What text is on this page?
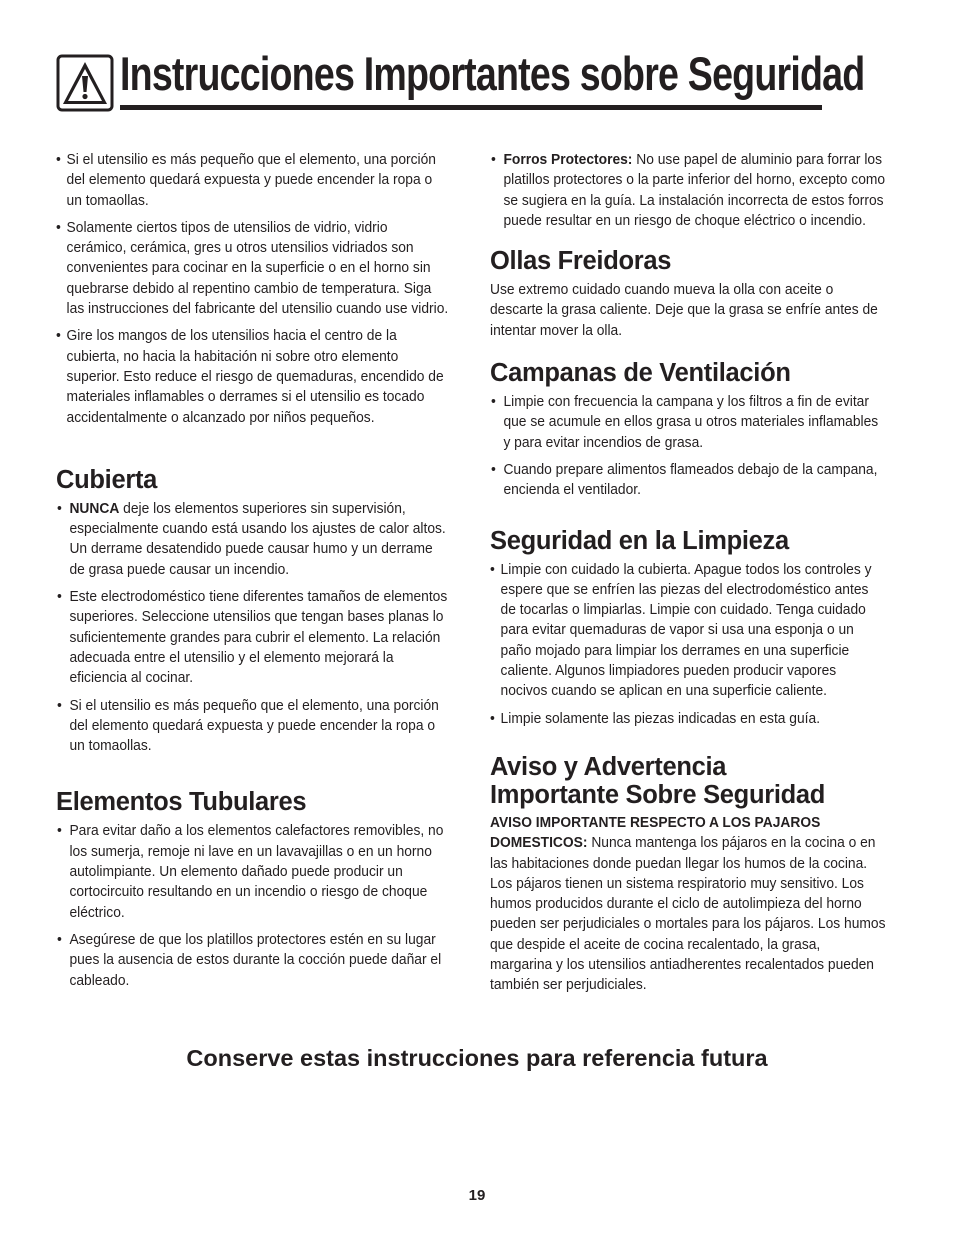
Instrucciones Importantes sobre Seguridad
• Si el utensilio es más pequeño que el elemento, una porción del elemento quedará expuesta y puede encender la ropa o un tomaollas.
• Solamente ciertos tipos de utensilios de vidrio, vidrio cerámico, cerámica, gres u otros utensilios vidriados son convenientes para cocinar en la superficie o en el horno sin quebrarse debido al repentino cambio de temperatura. Siga las instrucciones del fabricante del utensilio cuando use vidrio.
• Gire los mangos de los utensilios hacia el centro de la cubierta, no hacia la habitación ni sobre otro elemento superior. Esto reduce el riesgo de quemaduras, encendido de materiales inflamables o derrames si el utensilio es tocado accidentalmente o alcanzado por niños pequeños.
Cubierta
• NUNCA deje los elementos superiores sin supervisión, especialmente cuando está usando los ajustes de calor altos. Un derrame desatendido puede causar humo y un derrame de grasa puede causar un incendio.
• Este electrodoméstico tiene diferentes tamaños de elementos superiores. Seleccione utensilios que tengan bases planas lo suficientemente grandes para cubrir el elemento. La relación adecuada entre el utensilio y el elemento mejorará la eficiencia al cocinar.
• Si el utensilio es más pequeño que el elemento, una porción del elemento quedará expuesta y puede encender la ropa o un tomaollas.
Elementos Tubulares
• Para evitar daño a los elementos calefactores removibles, no los sumerja, remoje ni lave en un lavavajillas o en un horno autolimpiante. Un elemento dañado puede producir un cortocircuito resultando en un incendio o riesgo de choque eléctrico.
• Asegúrese de que los platillos protectores estén en su lugar pues la ausencia de estos durante la cocción puede dañar el cableado.
• Forros Protectores: No use papel de aluminio para forrar los platillos protectores o la parte inferior del horno, excepto como se sugiera en la guía. La instalación incorrecta de estos forros puede resultar en un riesgo de choque eléctrico o incendio.
Ollas Freidoras

Use extremo cuidado cuando mueva la olla con aceite o descarte la grasa caliente. Deje que la grasa se enfríe antes de intentar mover la olla.

Campanas de Ventilación
• Limpie con frecuencia la campana y los filtros a fin de evitar que se acumule en ellos grasa u otros materiales inflamables y para evitar incendios de grasa.
• Cuando prepare alimentos flameados debajo de la campana, encienda el ventilador.
Seguridad en la Limpieza
• Limpie con cuidado la cubierta. Apague todos los controles y espere que se enfríen las piezas del electrodoméstico antes de tocarlas o limpiarlas. Limpie con cuidado. Tenga cuidado para evitar quemaduras de vapor si usa una esponja o un paño mojado para limpiar los derrames en una superficie caliente. Algunos limpiadores pueden producir vapores nocivos cuando se aplican en una superficie caliente.
• Limpie solamente las piezas indicadas en esta guía.
Aviso y Advertencia
Importante Sobre Seguridad

AVISO IMPORTANTE RESPECTO A LOS PAJAROS
DOMESTICOS: Nunca mantenga los pájaros en la cocina o en las habitaciones donde puedan llegar los humos de la cocina. Los pájaros tienen un sistema respiratorio muy sensitivo. Los humos producidos durante el ciclo de autolimpieza del horno pueden ser perjudiciales o mortales para los pájaros. Los humos que despide el aceite de cocina recalentado, la grasa, margarina y los utensilios antiadherentes recalentados pueden también ser perjudiciales.

Conserve estas instrucciones para referencia futura

19
